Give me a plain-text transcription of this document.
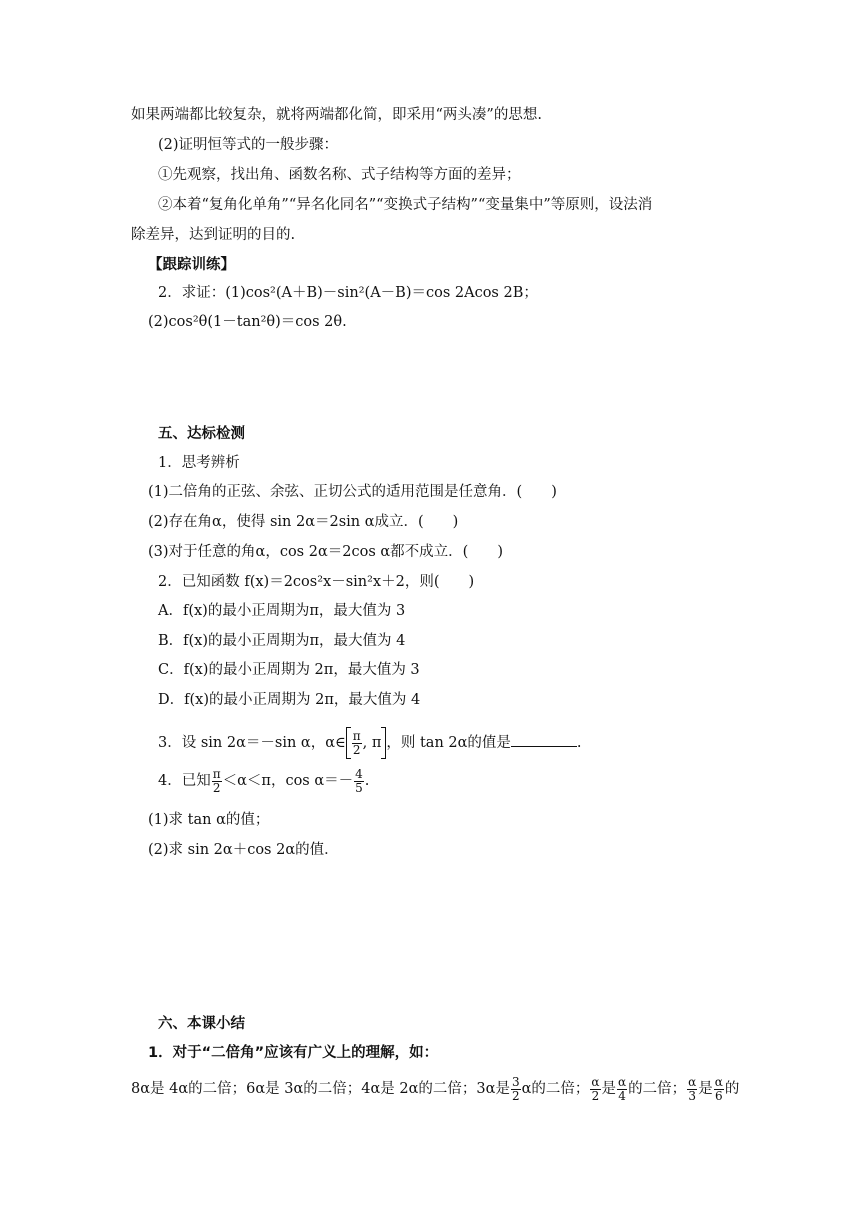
如果两端都比较复杂，就将两端都化简，即采用“两头凑”的思想.
(2)证明恒等式的一般步骤：
①先观察，找出角、函数名称、式子结构等方面的差异；
②本着“复角化单角”“异名化同名”“变换式子结构”“变量集中”等原则，设法消
除差异，达到证明的目的.
【跟踪训练】
2．求证：(1)cos²(A＋B)－sin²(A－B)＝cos 2Acos 2B；
(2)cos²θ(1－tan²θ)＝cos 2θ.
五、达标检测
1．思考辨析
(1)二倍角的正弦、余弦、正切公式的适用范围是任意角．(　　)
(2)存在角α，使得 sin 2α＝2sin α成立．(　　)
(3)对于任意的角α，cos 2α＝2cos α都不成立．(　　)
2．已知函数 f(x)＝2cos²x－sin²x＋2，则(　　)
A．f(x)的最小正周期为π，最大值为 3
B．f(x)的最小正周期为π，最大值为 4
C．f(x)的最小正周期为 2π，最大值为 3
D．f(x)的最小正周期为 2π，最大值为 4
3．设 sin 2α＝－sin α，α∈ $\frac{\pi}{2}$ , π ，则 tan 2α的值是	.
4．已知 $\frac{\pi}{2} <\alpha<\pi$，$\cos \alpha=- \frac{4}{5}$ .
(1)求 tan α的值；
(2)求 sin 2α＋cos 2α的值．
六、本课小结
1．对于“二倍角”应该有广义上的理解，如：
8α是 4α的二倍；6α是 3α的二倍；4α是 2α的二倍；3α是 $\frac{3}{2}$ α的二倍； $\frac{\alpha}{2}$ 是 $\frac{\alpha}{4}$ 的二倍； $\frac{\alpha}{3}$ 是 $\frac{\alpha}{6}$ 的
